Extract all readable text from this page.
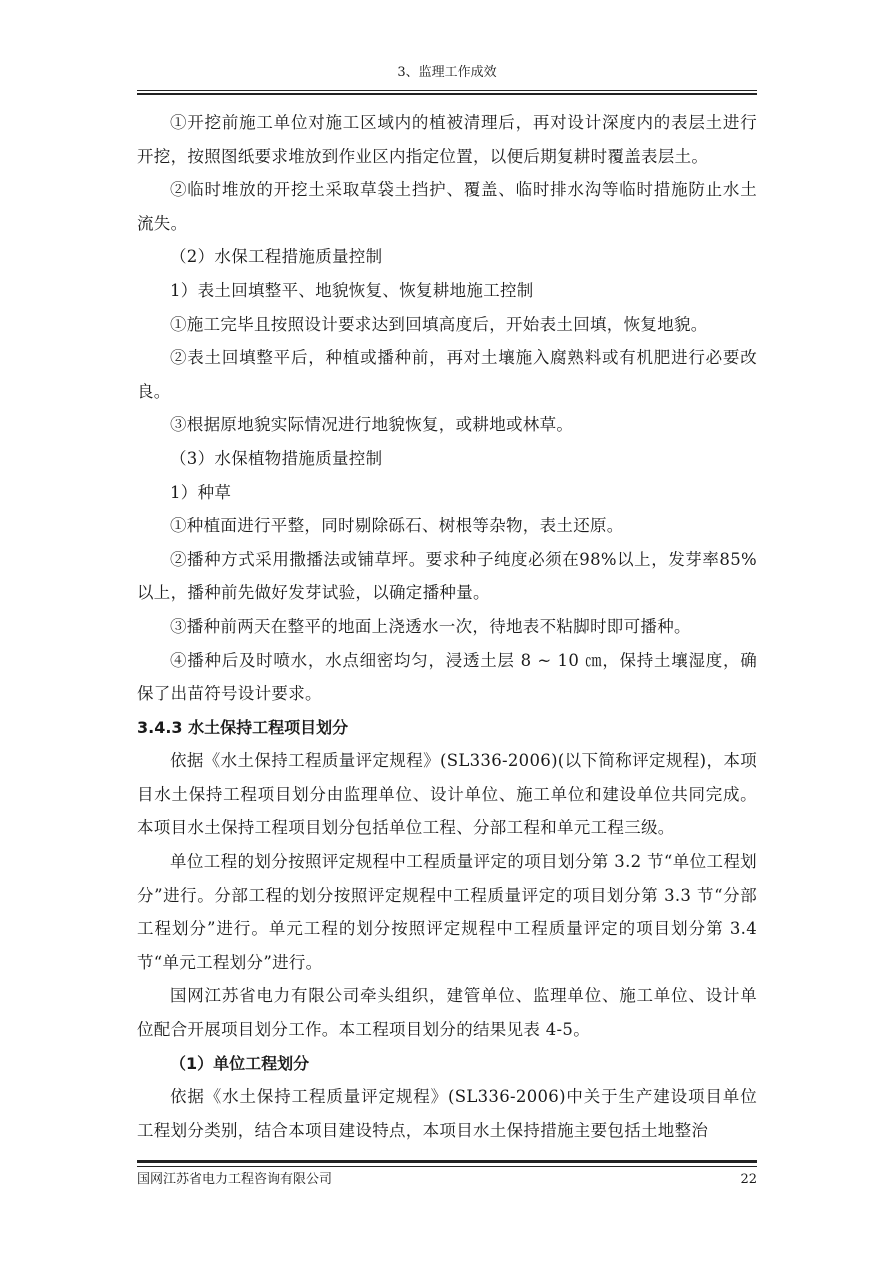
3、监理工作成效

①开挖前施工单位对施工区域内的植被清理后，再对设计深度内的表层土进行开挖，按照图纸要求堆放到作业区内指定位置，以便后期复耕时覆盖表层土。

②临时堆放的开挖土采取草袋土挡护、覆盖、临时排水沟等临时措施防止水土流失。

（2）水保工程措施质量控制

1）表土回填整平、地貌恢复、恢复耕地施工控制

①施工完毕且按照设计要求达到回填高度后，开始表土回填，恢复地貌。

②表土回填整平后，种植或播种前，再对土壤施入腐熟料或有机肥进行必要改良。

③根据原地貌实际情况进行地貌恢复，或耕地或林草。

（3）水保植物措施质量控制

1）种草

①种植面进行平整，同时剔除砾石、树根等杂物，表土还原。

②播种方式采用撒播法或铺草坪。要求种子纯度必须在98%以上，发芽率85%以上，播种前先做好发芽试验，以确定播种量。

③播种前两天在整平的地面上浇透水一次，待地表不粘脚时即可播种。

④播种后及时喷水，水点细密均匀，浸透土层 8 ~ 10 ㎝，保持土壤湿度，确保了出苗符号设计要求。

3.4.3 水土保持工程项目划分

依据《水土保持工程质量评定规程》(SL336-2006)(以下简称评定规程)，本项目水土保持工程项目划分由监理单位、设计单位、施工单位和建设单位共同完成。本项目水土保持工程项目划分包括单位工程、分部工程和单元工程三级。

单位工程的划分按照评定规程中工程质量评定的项目划分第 3.2 节“单位工程划分”进行。分部工程的划分按照评定规程中工程质量评定的项目划分第 3.3 节“分部工程划分”进行。单元工程的划分按照评定规程中工程质量评定的项目划分第 3.4 节“单元工程划分”进行。

国网江苏省电力有限公司牵头组织，建管单位、监理单位、施工单位、设计单位配合开展项目划分工作。本工程项目划分的结果见表 4-5。

（1）单位工程划分

依据《水土保持工程质量评定规程》(SL336-2006)中关于生产建设项目单位工程划分类别，结合本项目建设特点，本项目水土保持措施主要包括土地整治

国网江苏省电力工程咨询有限公司	22
